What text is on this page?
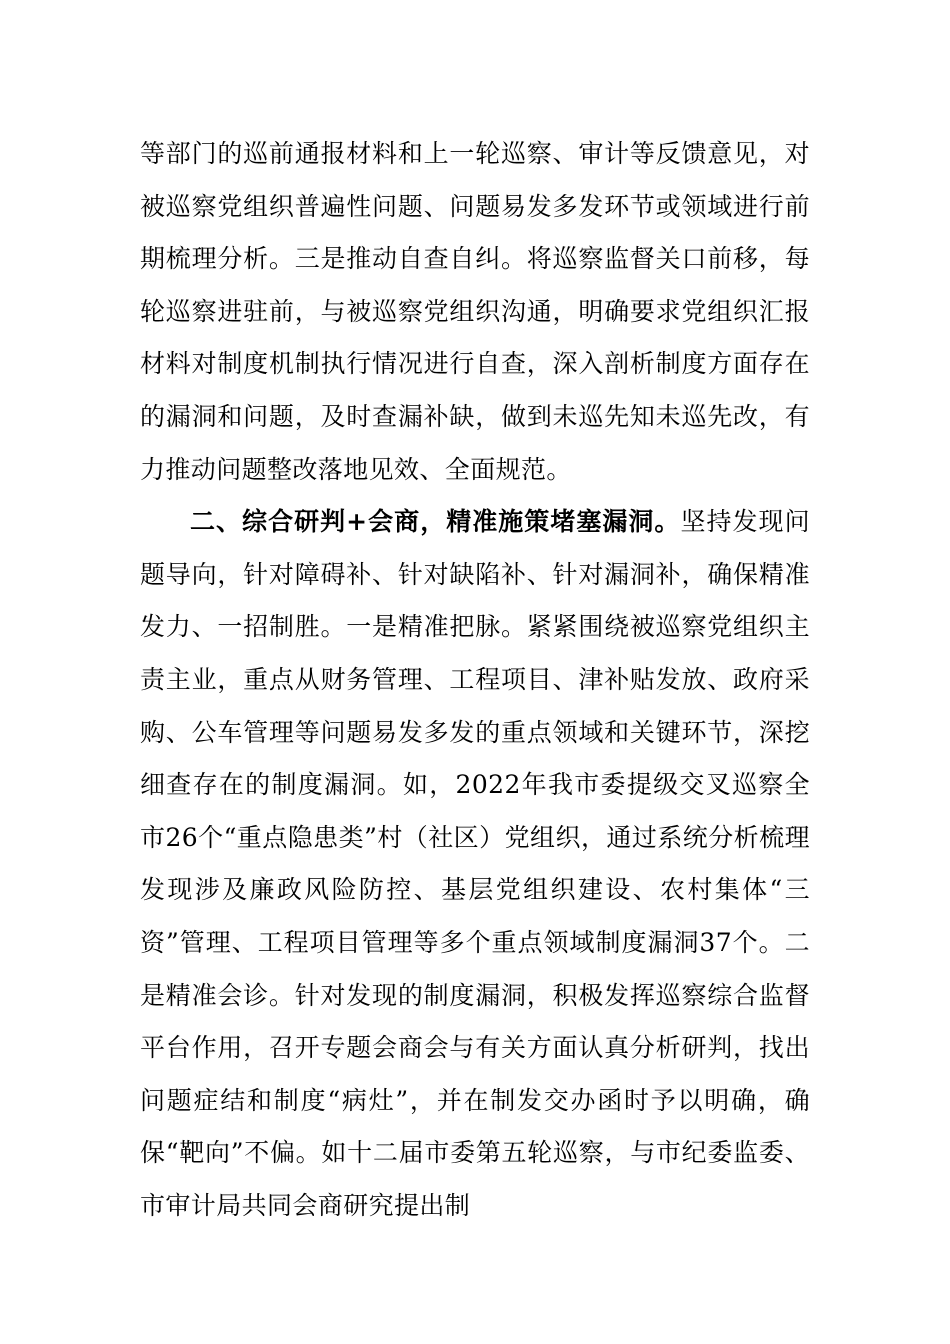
等部门的巡前通报材料和上一轮巡察、审计等反馈意见，对被巡察党组织普遍性问题、问题易发多发环节或领域进行前期梳理分析。三是推动自查自纠。将巡察监督关口前移，每轮巡察进驻前，与被巡察党组织沟通，明确要求党组织汇报材料对制度机制执行情况进行自查，深入剖析制度方面存在的漏洞和问题，及时查漏补缺，做到未巡先知未巡先改，有力推动问题整改落地见效、全面规范。

二、综合研判+会商，精准施策堵塞漏洞。坚持发现问题导向，针对障碍补、针对缺陷补、针对漏洞补，确保精准发力、一招制胜。一是精准把脉。紧紧围绕被巡察党组织主责主业，重点从财务管理、工程项目、津补贴发放、政府采购、公车管理等问题易发多发的重点领域和关键环节，深挖细查存在的制度漏洞。如，2022年我市委提级交叉巡察全市26个“重点隐患类”村（社区）党组织，通过系统分析梳理发现涉及廉政风险防控、基层党组织建设、农村集体“三资”管理、工程项目管理等多个重点领域制度漏洞37个。二是精准会诊。针对发现的制度漏洞，积极发挥巡察综合监督平台作用，召开专题会商会与有关方面认真分析研判，找出问题症结和制度“病灶”，并在制发交办函时予以明确，确保“靶向”不偏。如十二届市委第五轮巡察，与市纪委监委、市审计局共同会商研究提出制
